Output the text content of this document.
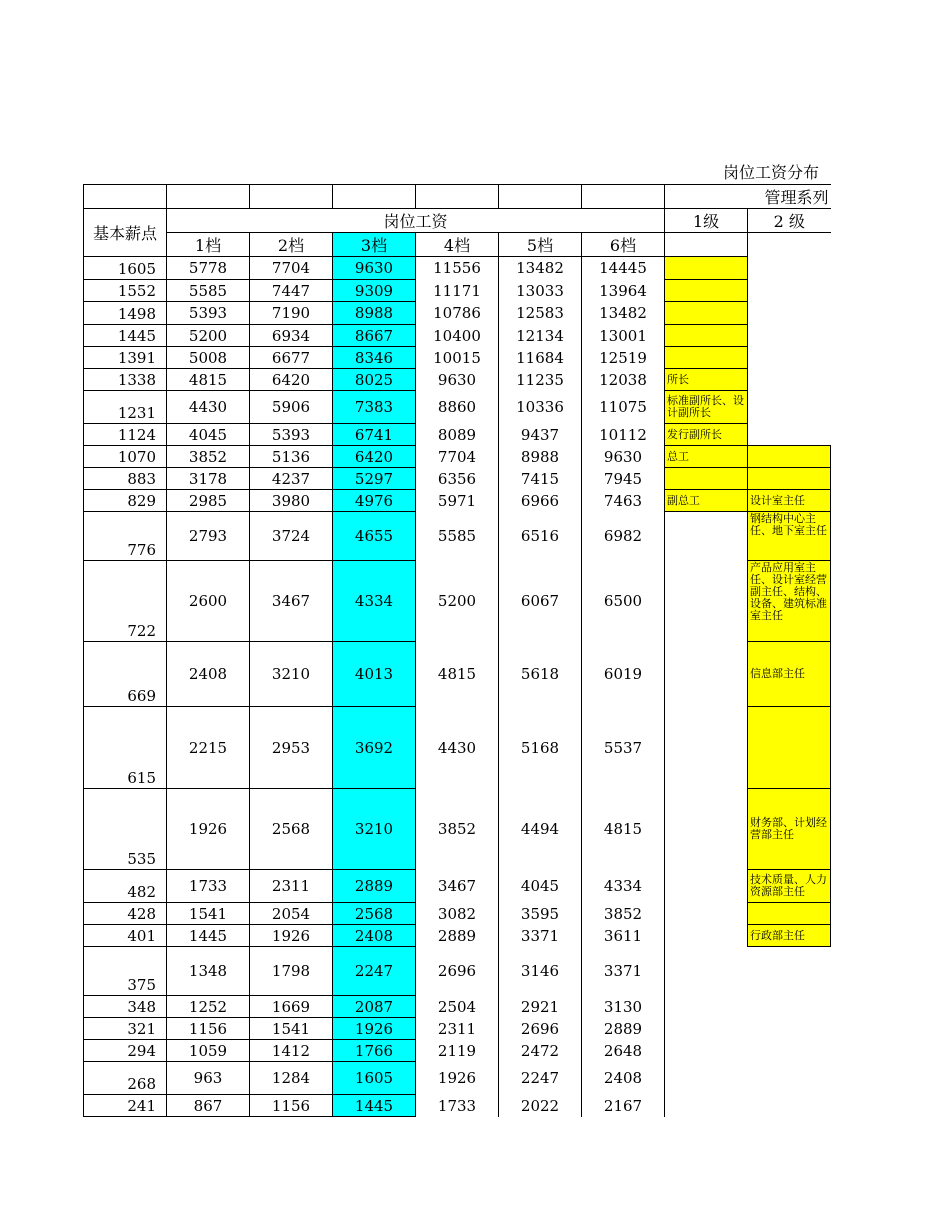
岗位工资分布
							管理系列	
基本薪点	岗位工资						1级	2 级
	1档	2档	3档	4档	5档	6档		
1605	5778	7704	9630	11556	13482	14445		
1552	5585	7447	9309	11171	13033	13964		
1498	5393	7190	8988	10786	12583	13482		
1445	5200	6934	8667	10400	12134	13001		
1391	5008	6677	8346	10015	11684	12519		
1338	4815	6420	8025	9630	11235	12038	所长	
1231	4430	5906	7383	8860	10336	11075	标准副所长、设计副所长	
1124	4045	5393	6741	8089	9437	10112	发行副所长	
1070	3852	5136	6420	7704	8988	9630	总工	
883	3178	4237	5297	6356	7415	7945		
829	2985	3980	4976	5971	6966	7463	副总工	设计室主任
776	2793	3724	4655	5585	6516	6982		钢结构中心主任、地下室主任
722	2600	3467	4334	5200	6067	6500		产品应用室主任、设计室经营副主任、结构、设备、建筑标准室主任
669	2408	3210	4013	4815	5618	6019		信息部主任
615	2215	2953	3692	4430	5168	5537		
535	1926	2568	3210	3852	4494	4815		财务部、计划经营部主任
482	1733	2311	2889	3467	4045	4334		技术质量、人力资源部主任
428	1541	2054	2568	3082	3595	3852		
401	1445	1926	2408	2889	3371	3611		行政部主任
375	1348	1798	2247	2696	3146	3371		
348	1252	1669	2087	2504	2921	3130		
321	1156	1541	1926	2311	2696	2889		
294	1059	1412	1766	2119	2472	2648		
268	963	1284	1605	1926	2247	2408		
241	867	1156	1445	1733	2022	2167		
